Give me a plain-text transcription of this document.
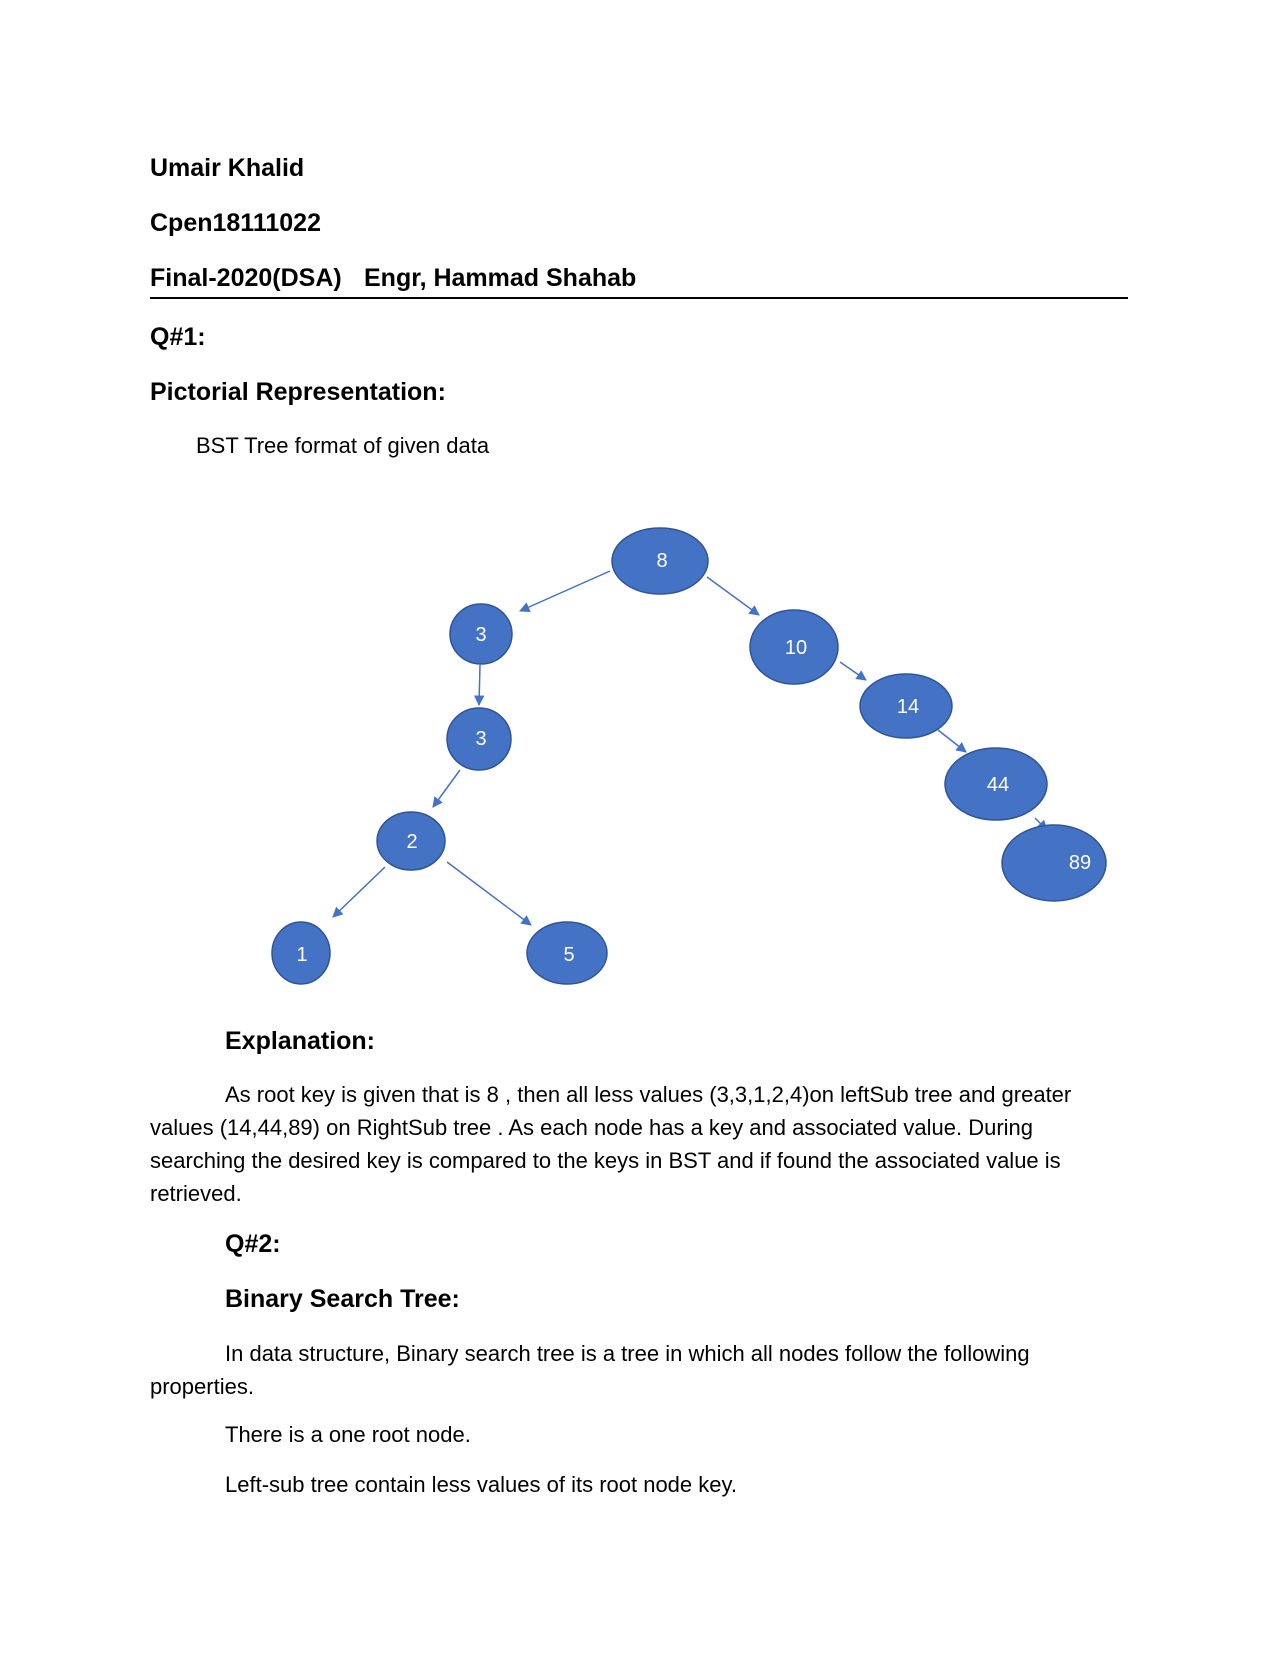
Umair Khalid
Cpen18111022
Final-2020(DSA) Engr, Hammad Shahab
Q#1:
Pictorial Representation:
BST Tree format of given data
8
3
10
3
14
44
2
89
1	5
Explanation:
As root key is given that is 8 , then all less values (3,3,1,2,4)on leftSub tree and greater values (14,44,89) on RightSub tree . As each node has a key and associated value. During searching the desired key is compared to the keys in BST and if found the associated value is retrieved.
Q#2:
Binary Search Tree:
In data structure, Binary search tree is a tree in which all nodes follow the following properties.
There is a one root node.
Left-sub tree contain less values of its root node key.
